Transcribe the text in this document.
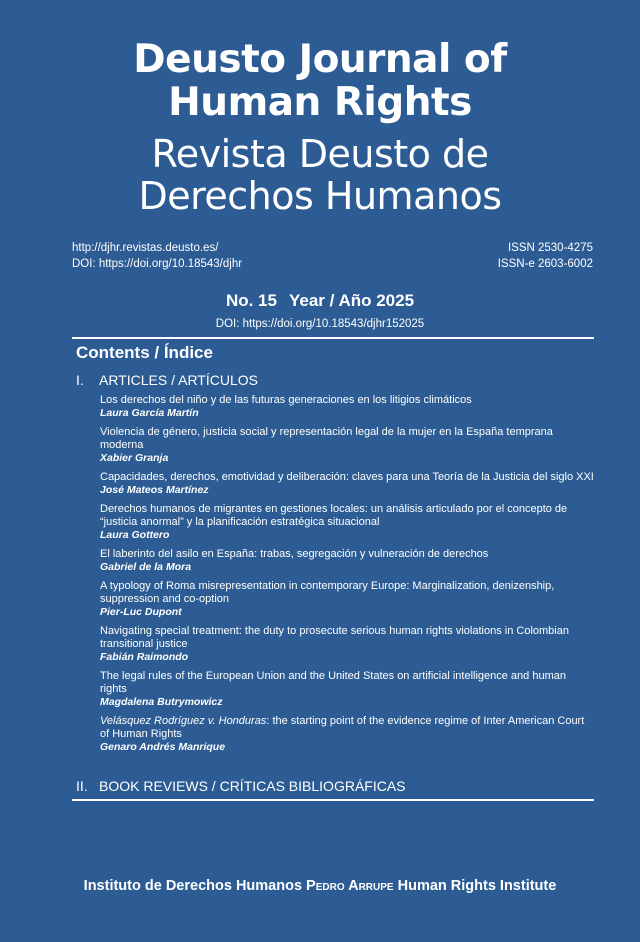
Deusto Journal of
Human Rights
Revista Deusto de
Derechos Humanos
http://djhr.revistas.deusto.es/
DOI: https://doi.org/10.18543/djhr
ISSN 2530-4275
ISSN-e 2603-6002
No. 15 Year / Año 2025
DOI: https://doi.org/10.18543/djhr152025
Contents / Índice
I. ARTICLES / ARTÍCULOS
Los derechos del niño y de las futuras generaciones en los litigios climáticos
Laura García Martín
Violencia de género, justicia social y representación legal de la mujer en la España temprana moderna
Xabier Granja
Capacidades, derechos, emotividad y deliberación: claves para una Teoría de la Justicia del siglo XXI
José Mateos Martínez
Derechos humanos de migrantes en gestiones locales: un análisis articulado por el concepto de “justicia anormal” y la planificación estratégica situacional
Laura Gottero
El laberinto del asilo en España: trabas, segregación y vulneración de derechos
Gabriel de la Mora
A typology of Roma misrepresentation in contemporary Europe: Marginalization, denizenship, suppression and co-option
Pier-Luc Dupont
Navigating special treatment: the duty to prosecute serious human rights violations in Colombian transitional justice
Fabián Raimondo
The legal rules of the European Union and the United States on artificial intelligence and human rights
Magdalena Butrymowicz
Velásquez Rodríguez v. Honduras: the starting point of the evidence regime of Inter American Court of Human Rights
Genaro Andrés Manrique
II. BOOK REVIEWS / CRÍTICAS BIBLIOGRÁFICAS
Instituto de Derechos Humanos Pedro Arrupe Human Rights Institute
